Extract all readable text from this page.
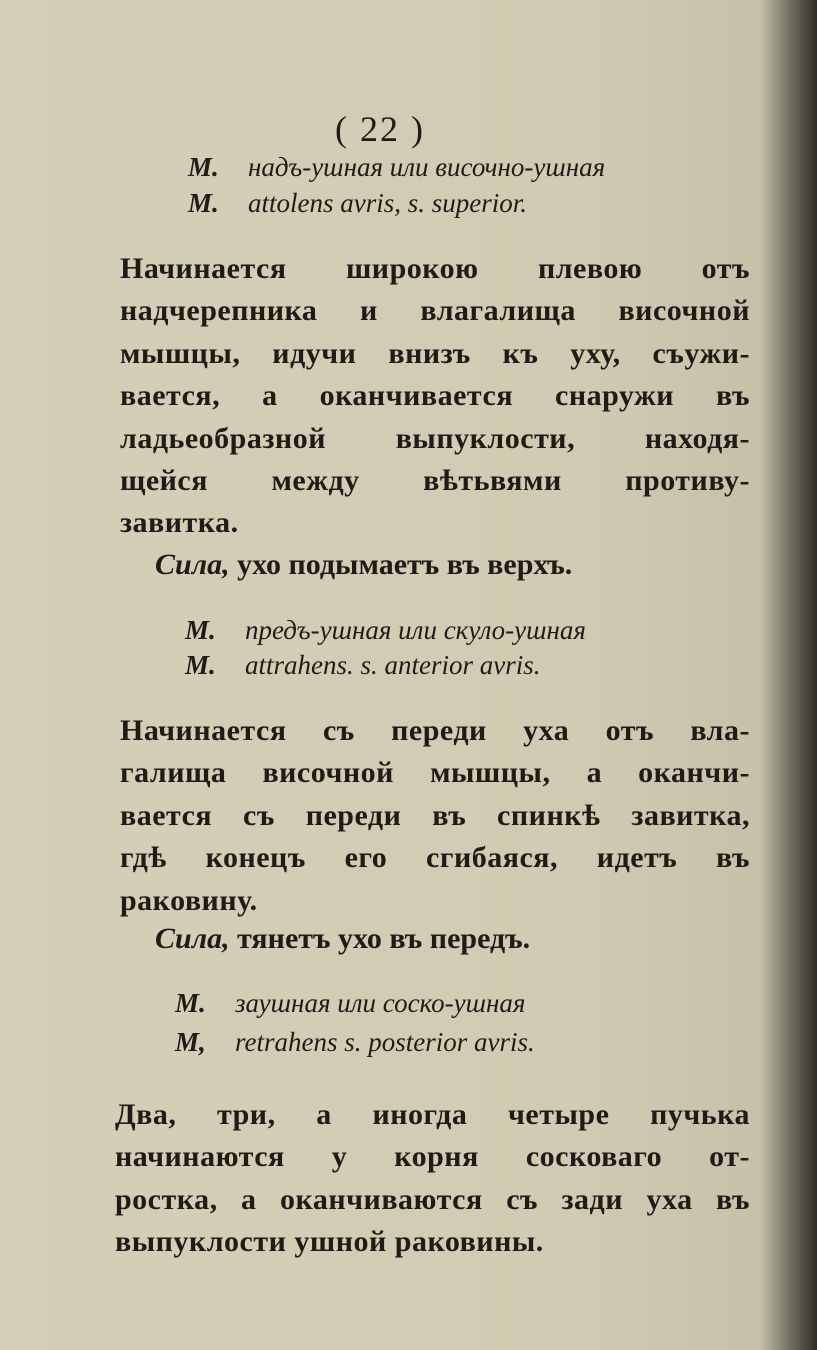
( 22 )
M. надъ-ушная или височно-ушная
M. attolens avris, s. superior.
Начинается широкою плевою отъ
надчерепника и влагалища височной
мышцы, идучи внизъ къ уху, съужи-
вается, а оканчивается снаружи въ
ладьеобразной выпуклости, находя-
щейся между вѣтьвями противу-
завитка.
Сила, ухо подымаетъ въ верхъ.
M. предъ-ушная или скуло-ушная
M. attrahens. s. anterior avris.
Начинается съ переди уха отъ вла-
галища височной мышцы, а оканчи-
вается съ переди въ спинкѣ завитка,
гдѣ конецъ его сгибаяся, идетъ въ
раковину.
Сила, тянетъ ухо въ передъ.
M. заушная или соско-ушная
M, retrahens s. posterior avris.
Два, три, а иногда четыре пучька
начинаются у корня сосковаго от-
ростка, а оканчиваются съ зади уха въ
выпуклости ушной раковины.
